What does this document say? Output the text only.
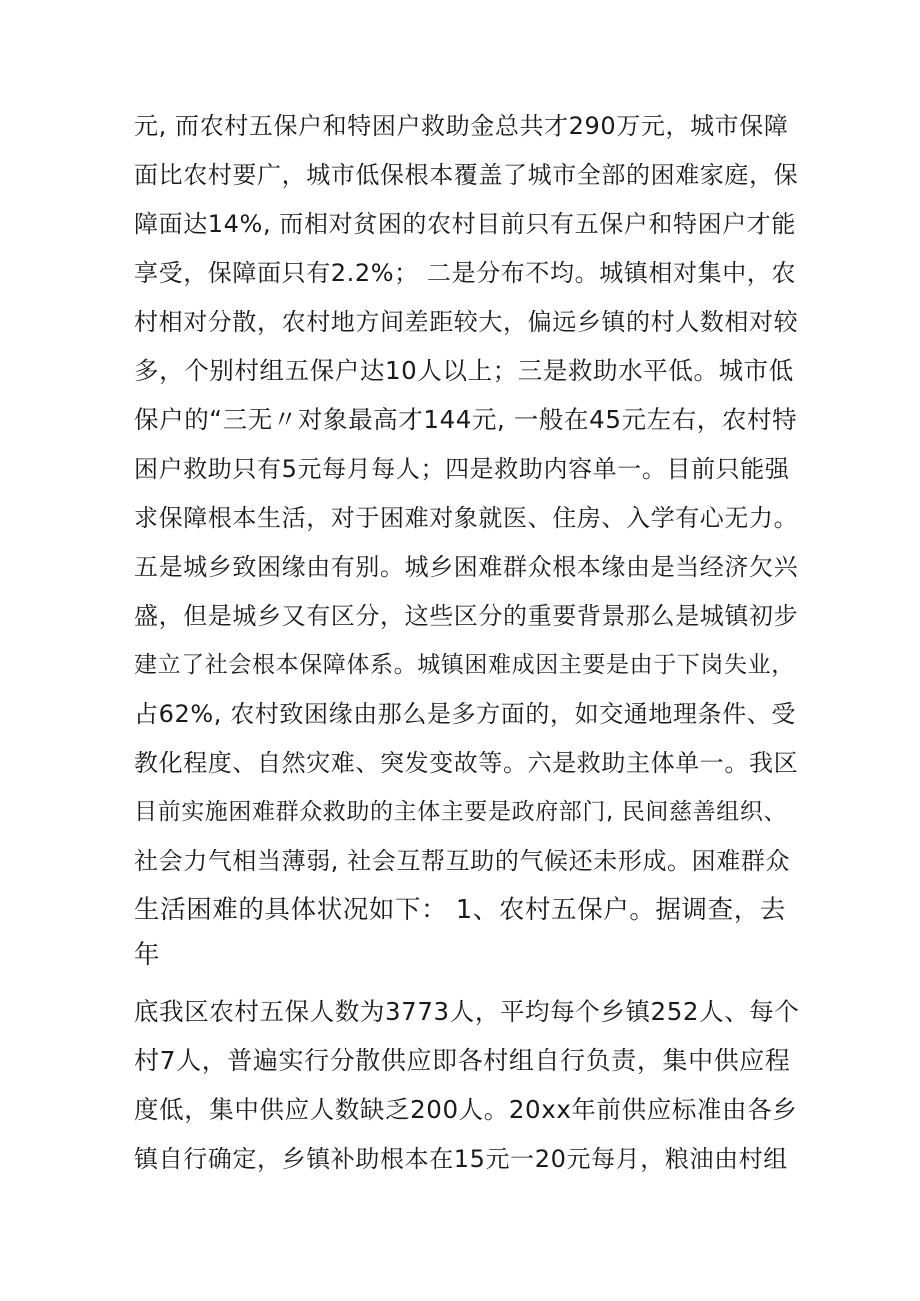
元, 而农村五保户和特困户救助金总共才290万元，城市保障
面比农村要广，城市低保根本覆盖了城市全部的困难家庭，保
障面达14%, 而相对贫困的农村目前只有五保户和特困户才能
享受，保障面只有2.2%； 二是分布不均。城镇相对集中，农
村相对分散，农村地方间差距较大，偏远乡镇的村人数相对较
多，个别村组五保户达10人以上；三是救助水平低。城市低
保户的“三无〃对象最高才144元, 一般在45元左右，农村特
困户救助只有5元每月每人；四是救助内容单一。目前只能强
求保障根本生活，对于困难对象就医、住房、入学有心无力。
五是城乡致困缘由有别。城乡困难群众根本缘由是当经济欠兴
盛，但是城乡又有区分，这些区分的重要背景那么是城镇初步
建立了社会根本保障体系。城镇困难成因主要是由于下岗失业，
占62%, 农村致困缘由那么是多方面的，如交通地理条件、受
教化程度、自然灾难、突发变故等。六是救助主体单一。我区
目前实施困难群众救助的主体主要是政府部门, 民间慈善组织、
社会力气相当薄弱, 社会互帮互助的气候还未形成。困难群众
生活困难的具体状况如下： 1、农村五保户。据调查，去
年
底我区农村五保人数为3773人，平均每个乡镇252人、每个
村7人，普遍实行分散供应即各村组自行负责，集中供应程
度低，集中供应人数缺乏200人。20xx年前供应标准由各乡
镇自行确定，乡镇补助根本在15元一20元每月，粮油由村组
